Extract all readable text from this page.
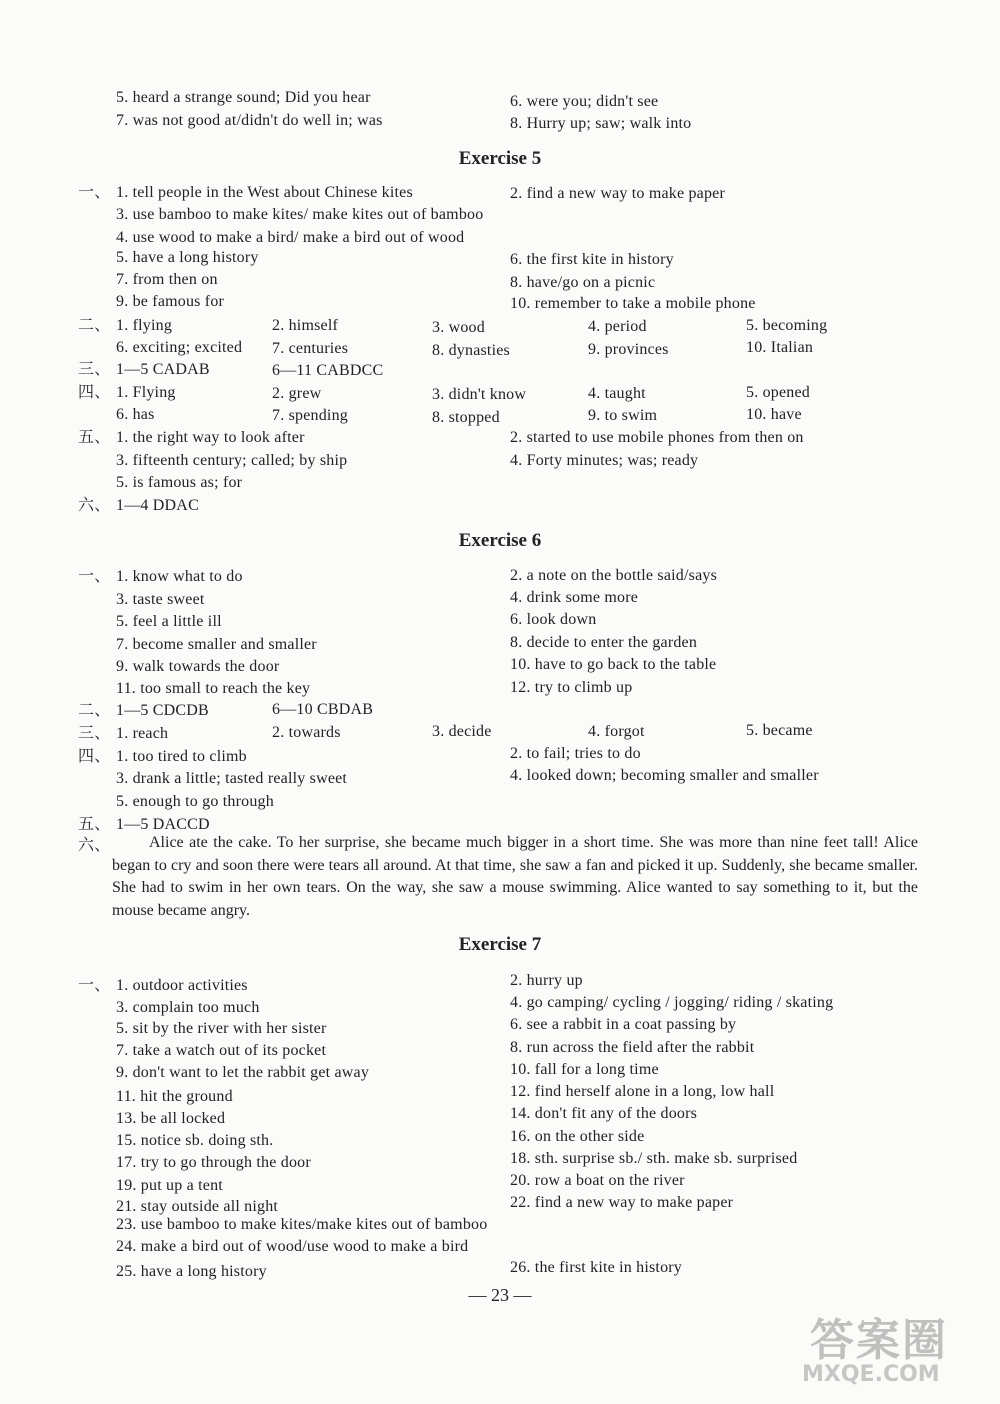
5. heard a strange sound; Did you hear	6. were you; didn't see
7. was not good at/didn't do well in; was	8. Hurry up; saw; walk into
Exercise 5
一、 1. tell people in the West about Chinese kites	2. find a new way to make paper
3. use bamboo to make kites/ make kites out of bamboo
4. use wood to make a bird/ make a bird out of wood
5. have a long history	6. the first kite in history
7. from then on	8. have/go on a picnic
9. be famous for	10. remember to take a mobile phone
二、 1. flying	2. himself	3. wood	4. period	5. becoming
6. exciting; excited 7. centuries	8. dynasties	9. provinces	10. Italian
三、 1—5 CADAB	6—11 CABDCC
四、 1. Flying	2. grew	3. didn't know	4. taught	5. opened
6. has	7. spending	8. stopped	9. to swim	10. have
五、 1. the right way to look after	2. started to use mobile phones from then on
3. fifteenth century; called; by ship	4. Forty minutes; was; ready
5. is famous as; for
六、 1—4 DDAC
Exercise 6
一、 1. know what to do	2. a note on the bottle said/says
3. taste sweet	4. drink some more
5. feel a little ill	6. look down
7. become smaller and smaller	8. decide to enter the garden
9. walk towards the door	10. have to go back to the table
11. too small to reach the key	12. try to climb up
二、 1—5 CDCDB	6—10 CBDAB
三、 1. reach	2. towards	3. decide	4. forgot	5. became
四、 1. too tired to climb	2. to fail; tries to do
3. drank a little; tasted really sweet	4. looked down; becoming smaller and smaller
5. enough to go through
五、 1—5 DACCD
六、	Alice ate the cake. To her surprise, she became much bigger in a short time. She was more than nine feet tall! Alice began to cry and soon there were tears all around. At that time, she saw a fan and picked it up. Suddenly, she became smaller. She had to swim in her own tears. On the way, she saw a mouse swimming. Alice wanted to say something to it, but the mouse became angry.
Exercise 7
一、 1. outdoor activities	2. hurry up
3. complain too much	4. go camping/ cycling / jogging/ riding / skating
5. sit by the river with her sister	6. see a rabbit in a coat passing by
7. take a watch out of its pocket	8. run across the field after the rabbit
9. don't want to let the rabbit get away	10. fall for a long time
11. hit the ground	12. find herself alone in a long, low hall
13. be all locked	14. don't fit any of the doors
15. notice sb. doing sth.	16. on the other side
17. try to go through the door	18. sth. surprise sb./ sth. make sb. surprised
19. put up a tent	20. row a boat on the river
21. stay outside all night	22. find a new way to make paper
23. use bamboo to make kites/make kites out of bamboo
24. make a bird out of wood/use wood to make a bird
25. have a long history	26. the first kite in history
— 23 —
答案圈
MXQE.COM
